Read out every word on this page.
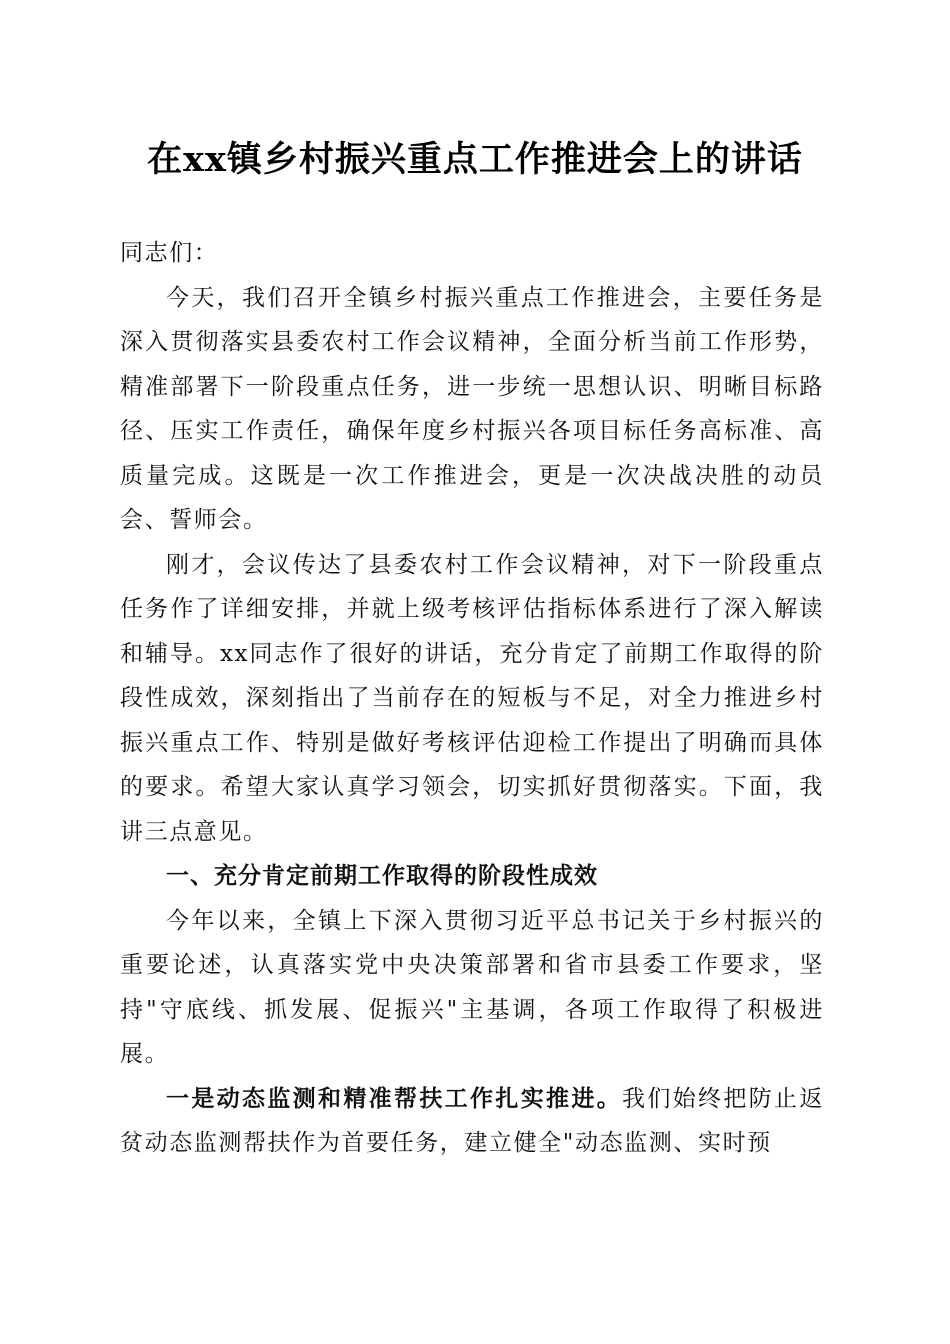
在xx镇乡村振兴重点工作推进会上的讲话

同志们：

今天，我们召开全镇乡村振兴重点工作推进会，主要任务是深入贯彻落实县委农村工作会议精神，全面分析当前工作形势，精准部署下一阶段重点任务，进一步统一思想认识、明晰目标路径、压实工作责任，确保年度乡村振兴各项目标任务高标准、高质量完成。这既是一次工作推进会，更是一次决战决胜的动员会、誓师会。

刚才，会议传达了县委农村工作会议精神，对下一阶段重点任务作了详细安排，并就上级考核评估指标体系进行了深入解读和辅导。xx同志作了很好的讲话，充分肯定了前期工作取得的阶段性成效，深刻指出了当前存在的短板与不足，对全力推进乡村振兴重点工作、特别是做好考核评估迎检工作提出了明确而具体的要求。希望大家认真学习领会，切实抓好贯彻落实。下面，我讲三点意见。

一、充分肯定前期工作取得的阶段性成效

今年以来，全镇上下深入贯彻习近平总书记关于乡村振兴的重要论述，认真落实党中央决策部署和省市县委工作要求，坚持"守底线、抓发展、促振兴"主基调，各项工作取得了积极进展。

一是动态监测和精准帮扶工作扎实推进。我们始终把防止返贫动态监测帮扶作为首要任务，建立健全"动态监测、实时预
